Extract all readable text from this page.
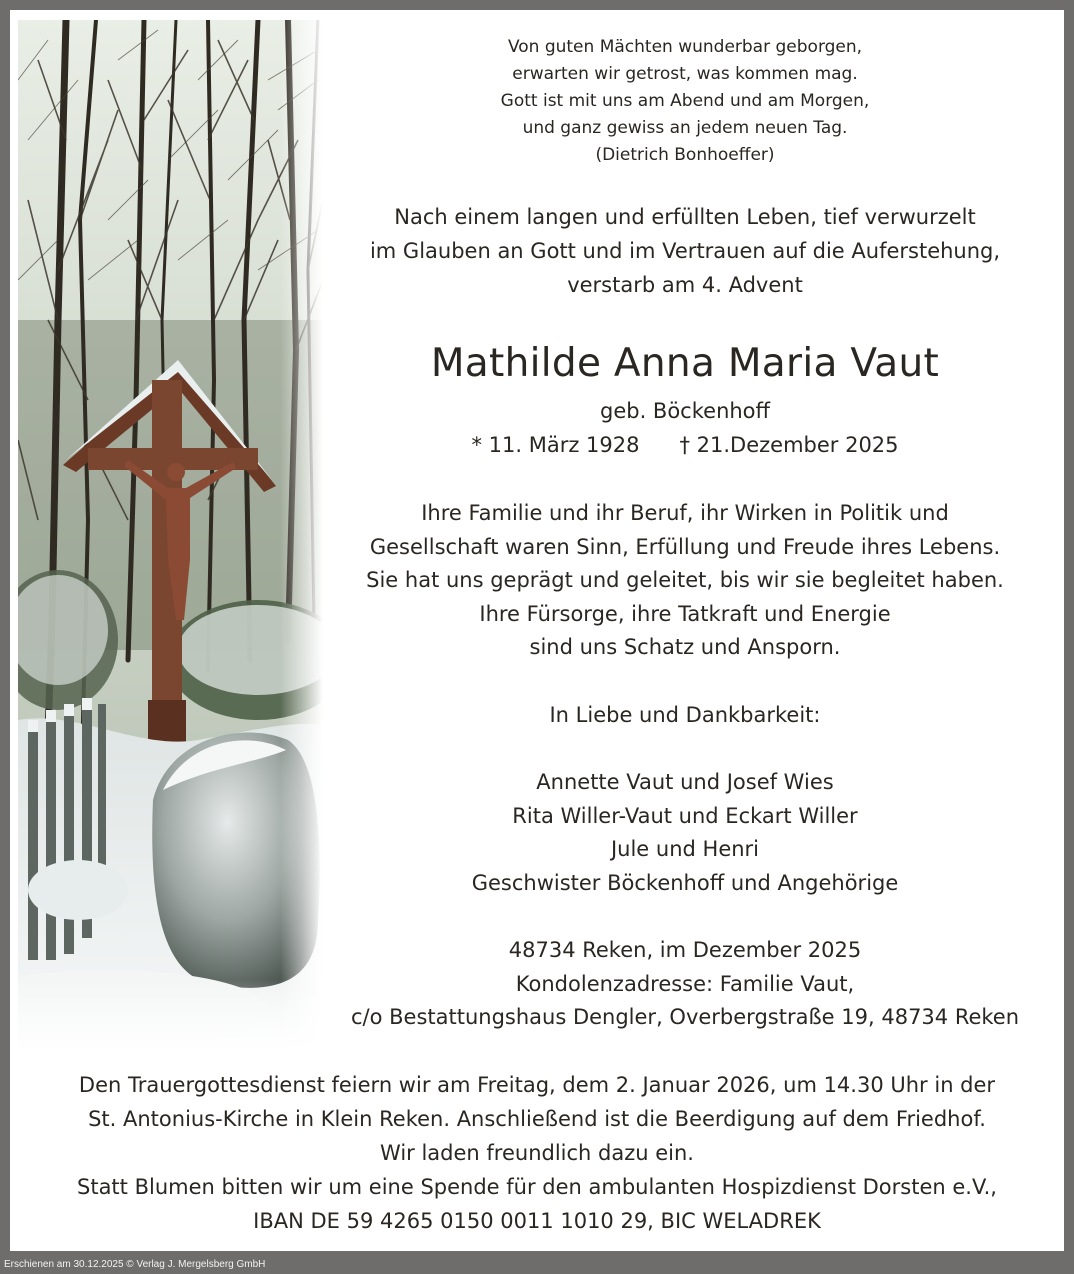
Von guten Mächten wunderbar geborgen,
erwarten wir getrost, was kommen mag.
Gott ist mit uns am Abend und am Morgen,
und ganz gewiss an jedem neuen Tag.
(Dietrich Bonhoeffer)
Nach einem langen und erfüllten Leben, tief verwurzelt
im Glauben an Gott und im Vertrauen auf die Auferstehung,
verstarb am 4. Advent
Mathilde Anna Maria Vaut
geb. Böckenhoff
* 11. März 1928 † 21.Dezember 2025
Ihre Familie und ihr Beruf, ihr Wirken in Politik und
Gesellschaft waren Sinn, Erfüllung und Freude ihres Lebens.
Sie hat uns geprägt und geleitet, bis wir sie begleitet haben.
Ihre Fürsorge, ihre Tatkraft und Energie
sind uns Schatz und Ansporn.
In Liebe und Dankbarkeit:
Annette Vaut und Josef Wies
Rita Willer-Vaut und Eckart Willer
Jule und Henri
Geschwister Böckenhoff und Angehörige
48734 Reken, im Dezember 2025
Kondolenzadresse: Familie Vaut,
c/o Bestattungshaus Dengler, Overbergstraße 19, 48734 Reken
Den Trauergottesdienst feiern wir am Freitag, dem 2. Januar 2026, um 14.30 Uhr in der
St. Antonius-Kirche in Klein Reken. Anschließend ist die Beerdigung auf dem Friedhof.
Wir laden freundlich dazu ein.
Statt Blumen bitten wir um eine Spende für den ambulanten Hospizdienst Dorsten e.V.,
IBAN DE 59 4265 0150 0011 1010 29, BIC WELADREK
Erschienen am 30.12.2025 © Verlag J. Mergelsberg GmbH
